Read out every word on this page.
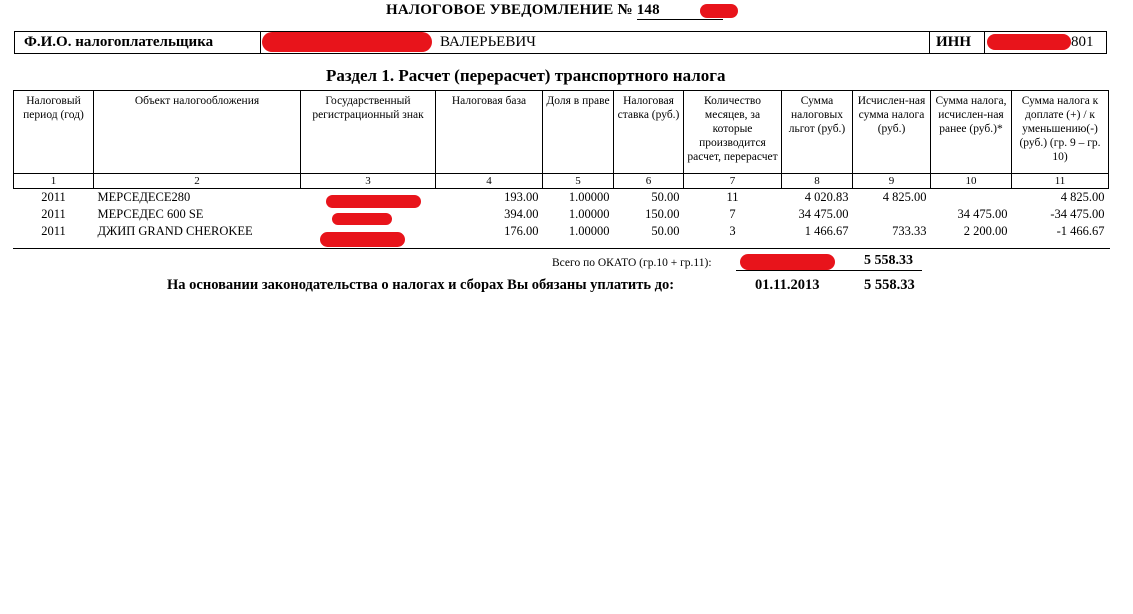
НАЛОГОВОЕ УВЕДОМЛЕНИЕ № 148
Ф.И.О. налогоплательщика	ВАЛЕРЬЕВИЧ	ИНН	801
Раздел 1. Расчет (перерасчет) транспортного налога
Налоговый период (год)	Объект налогообложения	Государственный регистрационный знак	Налоговая база	Доля в праве	Налоговая ставка (руб.)	Количество месяцев, за которые производится расчет, перерасчет	Сумма налоговых льгот (руб.)	Исчислен-ная сумма налога (руб.)	Сумма налога, исчислен-ная ранее (руб.)*	Сумма налога к доплате (+) / к уменьшению(-) (руб.) (гр. 9 – гр. 10)
1	2	3	4	5	6	7	8	9	10	11
2011	МЕРСЕДЕСЕ280		193.00	1.00000	50.00	11	4 020.83	4 825.00		4 825.00
2011	МЕРСЕДЕС 600 SE		394.00	1.00000	150.00	7	34 475.00		34 475.00	-34 475.00
2011	ДЖИП GRAND CHEROKEE		176.00	1.00000	50.00	3	1 466.67	733.33	2 200.00	-1 466.67
Всего по ОКАТО (гр.10 + гр.11):	5 558.33
На основании законодательства о налогах и сборах Вы обязаны уплатить до:	01.11.2013	5 558.33
